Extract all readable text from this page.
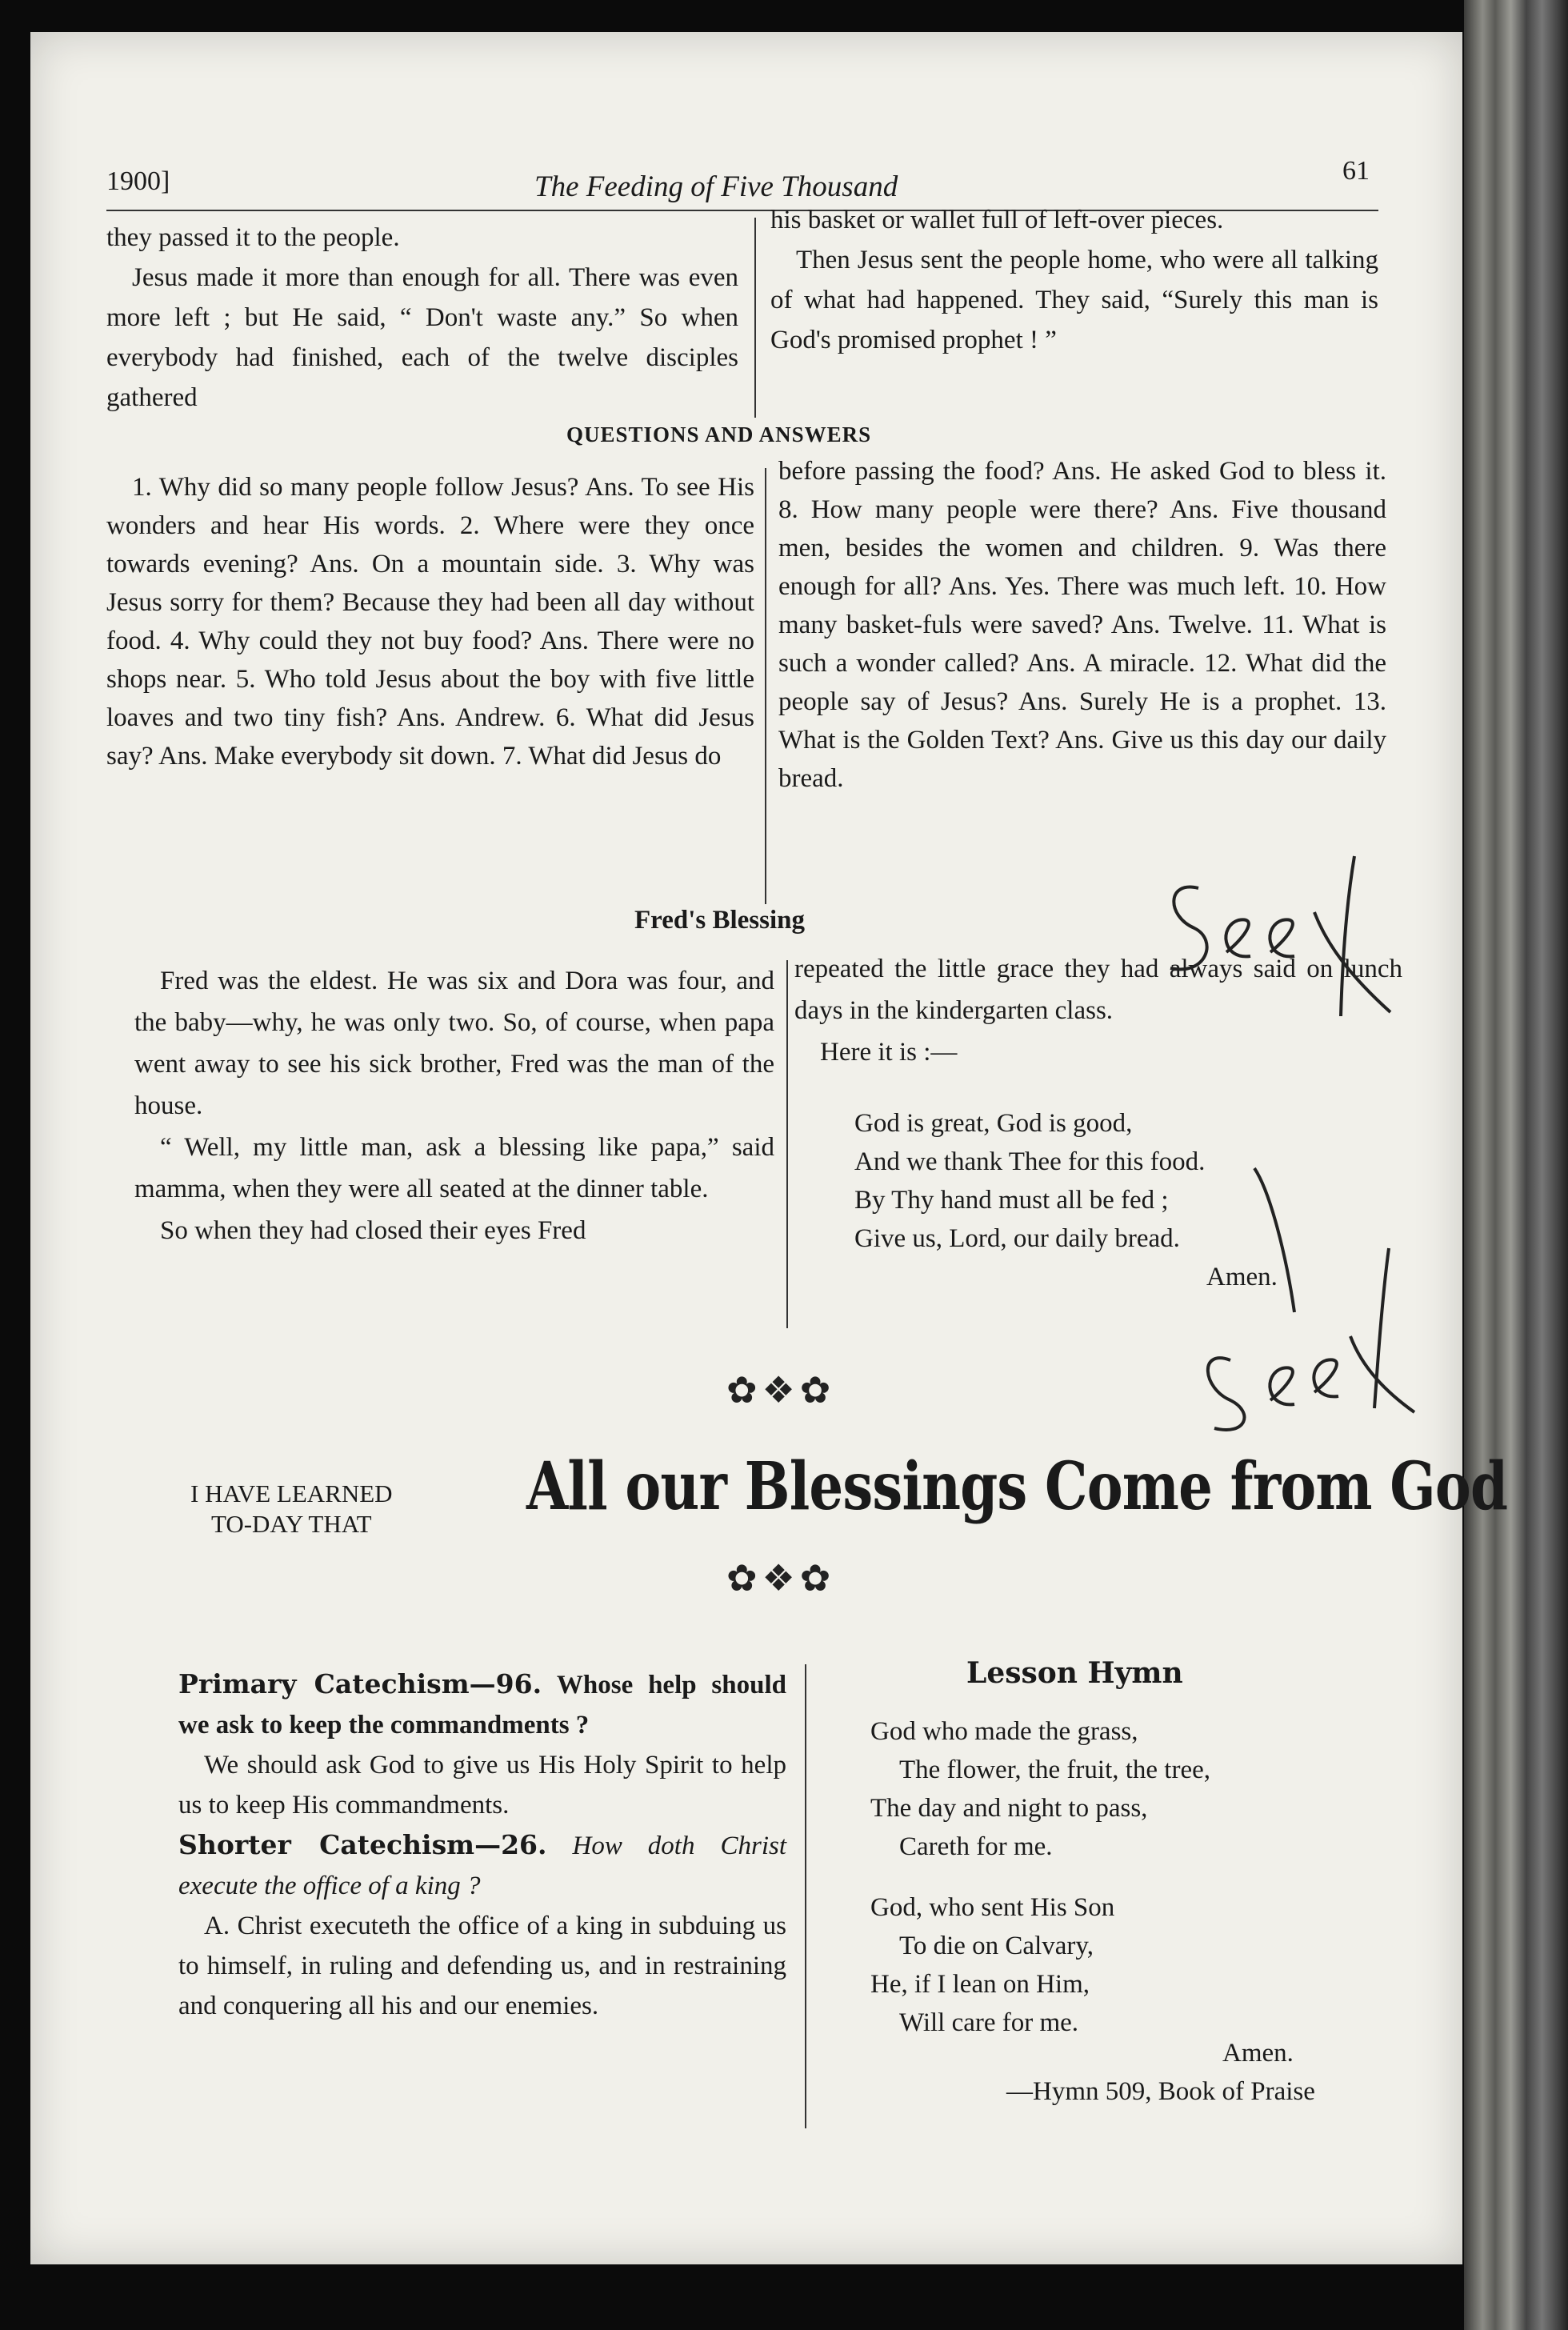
1900]	The Feeding of Five Thousand	61

they passed it to the people.

Jesus made it more than enough for all. There was even more left ; but He said, “ Don't waste any.” So when everybody had finished, each of the twelve disciples gathered

his basket or wallet full of left-over pieces.

Then Jesus sent the people home, who were all talking of what had happened. They said, “Surely this man is God's promised prophet ! ”

QUESTIONS AND ANSWERS
1. Why did so many people follow Jesus? Ans. To see His wonders and hear His words. 2. Where were they once towards evening? Ans. On a mountain side. 3. Why was Jesus sorry for them? Because they had been all day without food. 4. Why could they not buy food? Ans. There were no shops near. 5. Who told Jesus about the boy with five little loaves and two tiny fish? Ans. Andrew. 6. What did Jesus say? Ans. Make everybody sit down. 7. What did Jesus do
before passing the food? Ans. He asked God to bless it. 8. How many people were there? Ans. Five thousand men, besides the women and children. 9. Was there enough for all? Ans. Yes. There was much left. 10. How many basket-fuls were saved? Ans. Twelve. 11. What is such a wonder called? Ans. A miracle. 12. What did the people say of Jesus? Ans. Surely He is a prophet. 13. What is the Golden Text? Ans. Give us this day our daily bread.
Fred's Blessing

Fred was the eldest. He was six and Dora was four, and the baby—why, he was only two. So, of course, when papa went away to see his sick brother, Fred was the man of the house.

“ Well, my little man, ask a blessing like papa,” said mamma, when they were all seated at the dinner table.

So when they had closed their eyes Fred

repeated the little grace they had always said on lunch days in the kindergarten class.

Here it is :—

God is great, God is good,
And we thank Thee for this food.
By Thy hand must all be fed ;
Give us, Lord, our daily bread.
Amen.
✿❖✿
I HAVE LEARNED
TO-DAY THAT	All our Blessings Come from God
✿❖✿

Primary Catechism—96. Whose help should we ask to keep the commandments ?

We should ask God to give us His Holy Spirit to help us to keep His commandments.

Shorter Catechism—26. How doth Christ execute the office of a king ?

A. Christ executeth the office of a king in subduing us to himself, in ruling and defending us, and in restraining and conquering all his and our enemies.

Lesson Hymn
God who made the grass,
The flower, the fruit, the tree,
The day and night to pass,
Careth for me.
God, who sent His Son
To die on Calvary,
He, if I lean on Him,
Will care for me.
Amen.
—Hymn 509, Book of Praise
